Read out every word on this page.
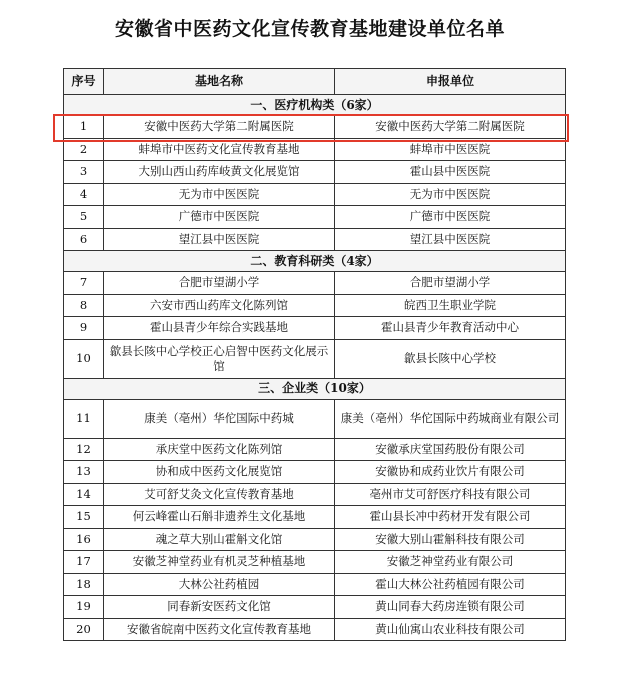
安徽省中医药文化宣传教育基地建设单位名单
序号	基地名称	申报单位
一、医疗机构类（6家）		
1	安徽中医药大学第二附属医院	安徽中医药大学第二附属医院
2	蚌埠市中医药文化宣传教育基地	蚌埠市中医医院
3	大别山西山药库岐黄文化展览馆	霍山县中医医院
4	无为市中医医院	无为市中医医院
5	广德市中医医院	广德市中医医院
6	望江县中医医院	望江县中医医院
二、教育科研类（4家）		
7	合肥市望湖小学	合肥市望湖小学
8	六安市西山药库文化陈列馆	皖西卫生职业学院
9	霍山县青少年综合实践基地	霍山县青少年教育活动中心
10	歙县长陔中心学校正心启智中医药文化展示馆	歙县长陔中心学校
三、企业类（10家）		
11	康美（亳州）华佗国际中药城	康美（亳州）华佗国际中药城商业有限公司
12	承庆堂中医药文化陈列馆	安徽承庆堂国药股份有限公司
13	协和成中医药文化展览馆	安徽协和成药业饮片有限公司
14	艾可舒艾灸文化宣传教育基地	亳州市艾可舒医疗科技有限公司
15	何云峰霍山石斛非遗养生文化基地	霍山县长冲中药材开发有限公司
16	魂之草大别山霍斛文化馆	安徽大别山霍斛科技有限公司
17	安徽芝神堂药业有机灵芝种植基地	安徽芝神堂药业有限公司
18	大林公社药植园	霍山大林公社药植园有限公司
19	同春新安医药文化馆	黄山同春大药房连锁有限公司
20	安徽省皖南中医药文化宣传教育基地	黄山仙寓山农业科技有限公司
